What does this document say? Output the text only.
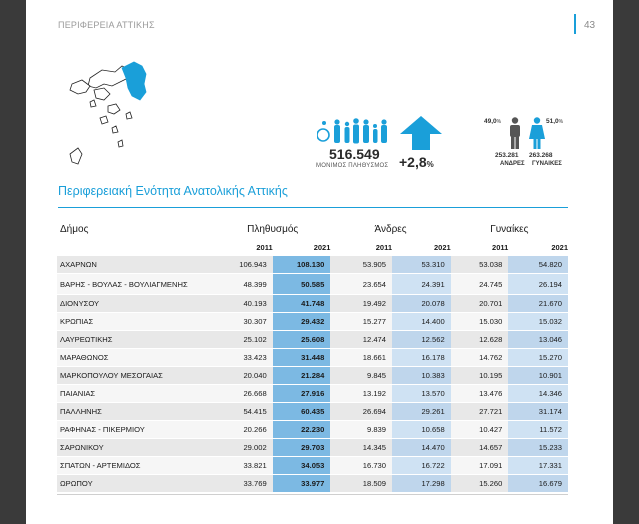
ΠΕΡΙΦΕΡΕΙΑ ΑΤΤΙΚΗΣ	43
516.549
ΜΟΝΙΜΟΣ ΠΛΗΘΥΣΜΟΣ +2,8%
49,0%	51,0%
253.281 263.268
ΑΝΔΡΕΣ ΓΥΝΑΙΚΕΣ
Περιφερειακή Ενότητα Ανατολικής Αττικής
Δήμος	Πληθυσμός		Άνδρες		Γυναίκες	
	2011	2021	2011	2021	2011	2021
ΑΧΑΡΝΩΝ	106.943	108.130	53.905	53.310	53.038	54.820
ΒΑΡΗΣ - ΒΟΥΛΑΣ - ΒΟΥΛΙΑΓΜΕΝΗΣ	48.399	50.585	23.654	24.391	24.745	26.194
ΔΙΟΝΥΣΟΥ	40.193	41.748	19.492	20.078	20.701	21.670
ΚΡΩΠΙΑΣ	30.307	29.432	15.277	14.400	15.030	15.032
ΛΑΥΡΕΩΤΙΚΗΣ	25.102	25.608	12.474	12.562	12.628	13.046
ΜΑΡΑΘΩΝΟΣ	33.423	31.448	18.661	16.178	14.762	15.270
ΜΑΡΚΟΠΟΥΛΟΥ ΜΕΣΟΓΑΙΑΣ	20.040	21.284	9.845	10.383	10.195	10.901
ΠΑΙΑΝΙΑΣ	26.668	27.916	13.192	13.570	13.476	14.346
ΠΑΛΛΗΝΗΣ	54.415	60.435	26.694	29.261	27.721	31.174
ΡΑΦΗΝΑΣ - ΠΙΚΕΡΜΙΟΥ	20.266	22.230	9.839	10.658	10.427	11.572
ΣΑΡΩΝΙΚΟΥ	29.002	29.703	14.345	14.470	14.657	15.233
ΣΠΑΤΩΝ - ΑΡΤΕΜΙΔΟΣ	33.821	34.053	16.730	16.722	17.091	17.331
ΩΡΩΠΟΥ	33.769	33.977	18.509	17.298	15.260	16.679
